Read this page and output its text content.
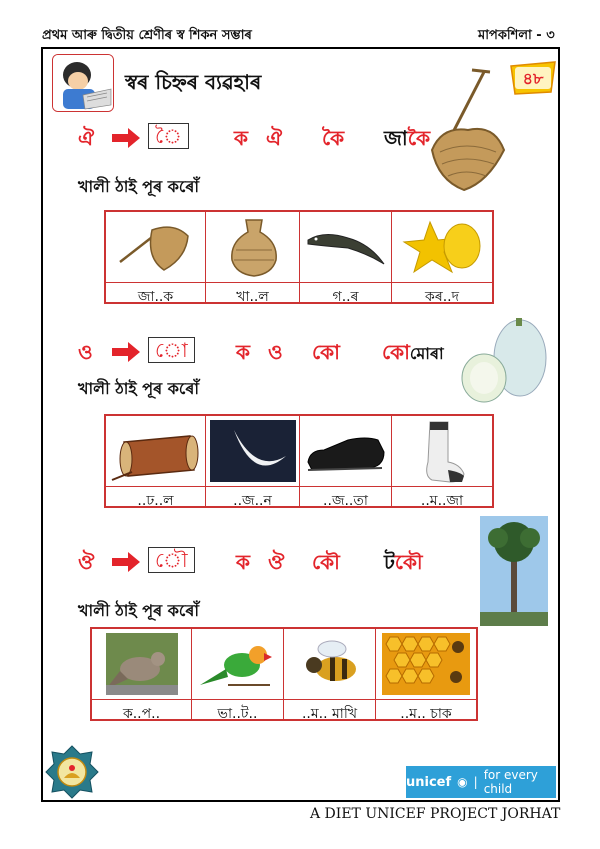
প্ৰথম আৰু দ্বিতীয় শ্ৰেণীৰ স্ব শিকন সম্ভাৰ	মাপকশিলা - ৩
স্বৰ চিহ্নৰ ব্যৱহাৰ	৪৮
ঐ	ৈ	ক ঐ কৈ জাকৈ
খালী ঠাই পূৰ কৰোঁ
জা..ক	খা..ল	গ..ৰ	কৰ..দ
ও	ো	ক ও কো কোমোৰা
খালী ঠাই পূৰ কৰোঁ
..ঢ..ল	..জ..ন	..জ..তা	..ম..জা
ঔ	ৌ	ক ঔ কৌ টকৌ
খালী ঠাই পূৰ কৰোঁ
ক..প..	ভা..ট..	..ম.. মাখি	..ম.. চাক
unicef ◉ | for every child
A DIET UNICEF PROJECT JORHAT
